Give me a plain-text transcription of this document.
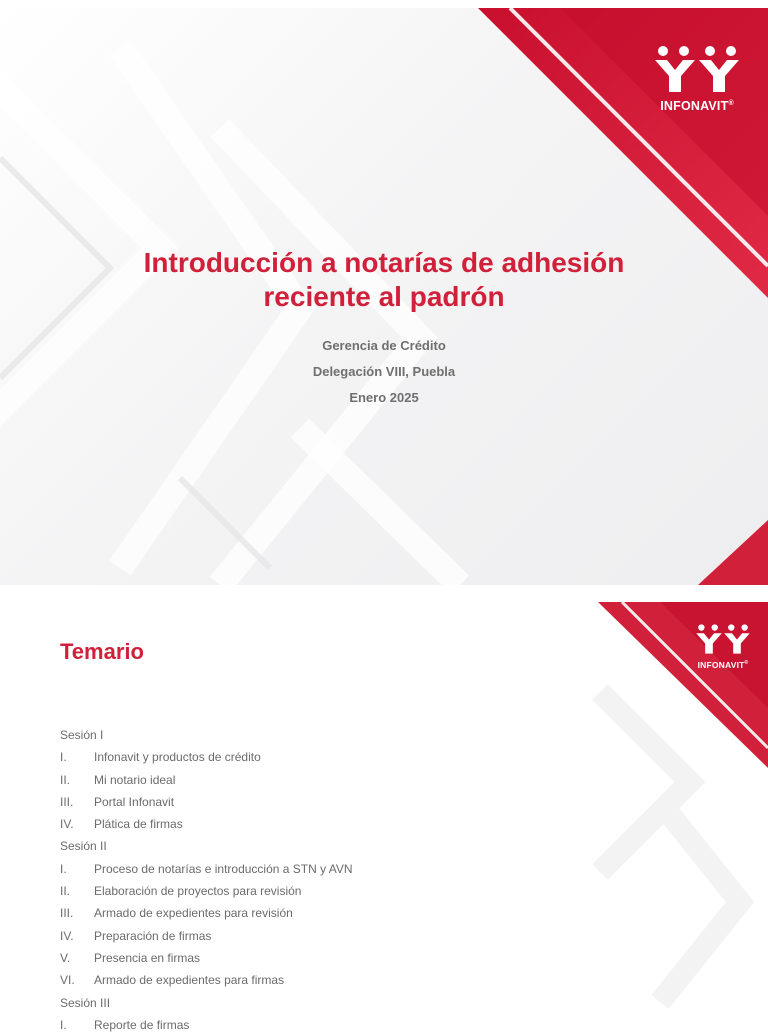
INFONAVIT®
Introducción a notarías de adhesión
reciente al padrón

Gerencia de Crédito

Delegación VIII, Puebla

Enero 2025

INFONAVIT®
Temario
Sesión I
I. Infonavit y productos de crédito
II. Mi notario ideal
III. Portal Infonavit
IV. Plática de firmas
Sesión II
I. Proceso de notarías e introducción a STN y AVN
II. Elaboración de proyectos para revisión
III. Armado de expedientes para revisión
IV. Preparación de firmas
V. Presencia en firmas
VI. Armado de expedientes para firmas
Sesión III
I. Reporte de firmas
